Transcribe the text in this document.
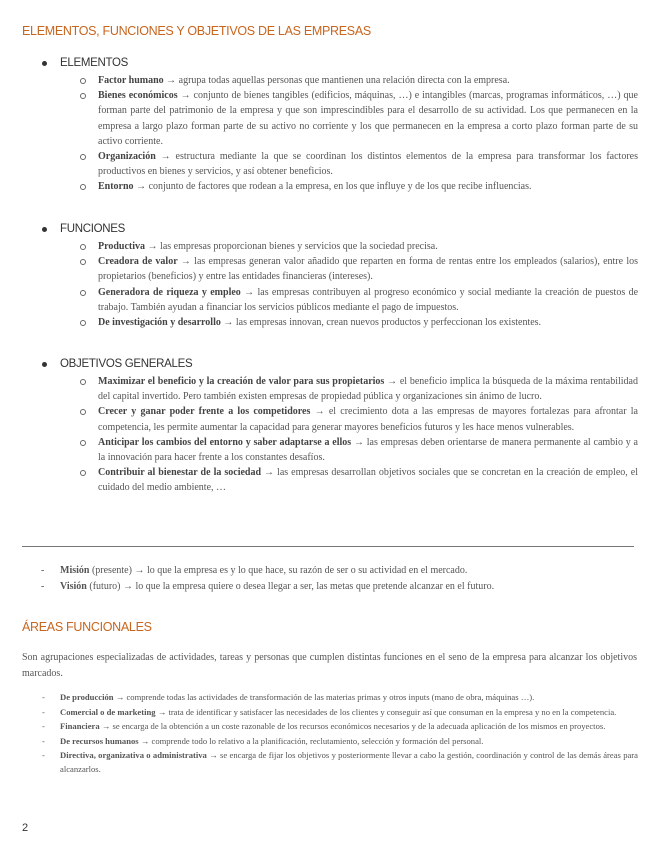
ELEMENTOS, FUNCIONES Y OBJETIVOS DE LAS EMPRESAS
ELEMENTOS
Factor humano → agrupa todas aquellas personas que mantienen una relación directa con la empresa.
Bienes económicos → conjunto de bienes tangibles (edificios, máquinas, …) e intangibles (marcas, programas informáticos, …) que forman parte del patrimonio de la empresa y que son imprescindibles para el desarrollo de su actividad. Los que permanecen en la empresa a largo plazo forman parte de su activo no corriente y los que permanecen en la empresa a corto plazo forman parte de su activo corriente.
Organización → estructura mediante la que se coordinan los distintos elementos de la empresa para transformar los factores productivos en bienes y servicios, y así obtener beneficios.
Entorno → conjunto de factores que rodean a la empresa, en los que influye y de los que recibe influencias.
FUNCIONES
Productiva → las empresas proporcionan bienes y servicios que la sociedad precisa.
Creadora de valor → las empresas generan valor añadido que reparten en forma de rentas entre los empleados (salarios), entre los propietarios (beneficios) y entre las entidades financieras (intereses).
Generadora de riqueza y empleo → las empresas contribuyen al progreso económico y social mediante la creación de puestos de trabajo. También ayudan a financiar los servicios públicos mediante el pago de impuestos.
De investigación y desarrollo → las empresas innovan, crean nuevos productos y perfeccionan los existentes.
OBJETIVOS GENERALES
Maximizar el beneficio y la creación de valor para sus propietarios → el beneficio implica la búsqueda de la máxima rentabilidad del capital invertido. Pero también existen empresas de propiedad pública y organizaciones sin ánimo de lucro.
Crecer y ganar poder frente a los competidores → el crecimiento dota a las empresas de mayores fortalezas para afrontar la competencia, les permite aumentar la capacidad para generar mayores beneficios futuros y les hace menos vulnerables.
Anticipar los cambios del entorno y saber adaptarse a ellos → las empresas deben orientarse de manera permanente al cambio y a la innovación para hacer frente a los constantes desafíos.
Contribuir al bienestar de la sociedad → las empresas desarrollan objetivos sociales que se concretan en la creación de empleo, el cuidado del medio ambiente, …
- Misión (presente) → lo que la empresa es y lo que hace, su razón de ser o su actividad en el mercado.
- Visión (futuro) → lo que la empresa quiere o desea llegar a ser, las metas que pretende alcanzar en el futuro.
ÁREAS FUNCIONALES

Son agrupaciones especializadas de actividades, tareas y personas que cumplen distintas funciones en el seno de la empresa para alcanzar los objetivos marcados.

- De producción → comprende todas las actividades de transformación de las materias primas y otros inputs (mano de obra, máquinas …).
- Comercial o de marketing → trata de identificar y satisfacer las necesidades de los clientes y conseguir así que consuman en la empresa y no en la competencia.
- Financiera → se encarga de la obtención a un coste razonable de los recursos económicos necesarios y de la adecuada aplicación de los mismos en proyectos.
- De recursos humanos → comprende todo lo relativo a la planificación, reclutamiento, selección y formación del personal.
- Directiva, organizativa o administrativa → se encarga de fijar los objetivos y posteriormente llevar a cabo la gestión, coordinación y control de las demás áreas para alcanzarlos.
2
